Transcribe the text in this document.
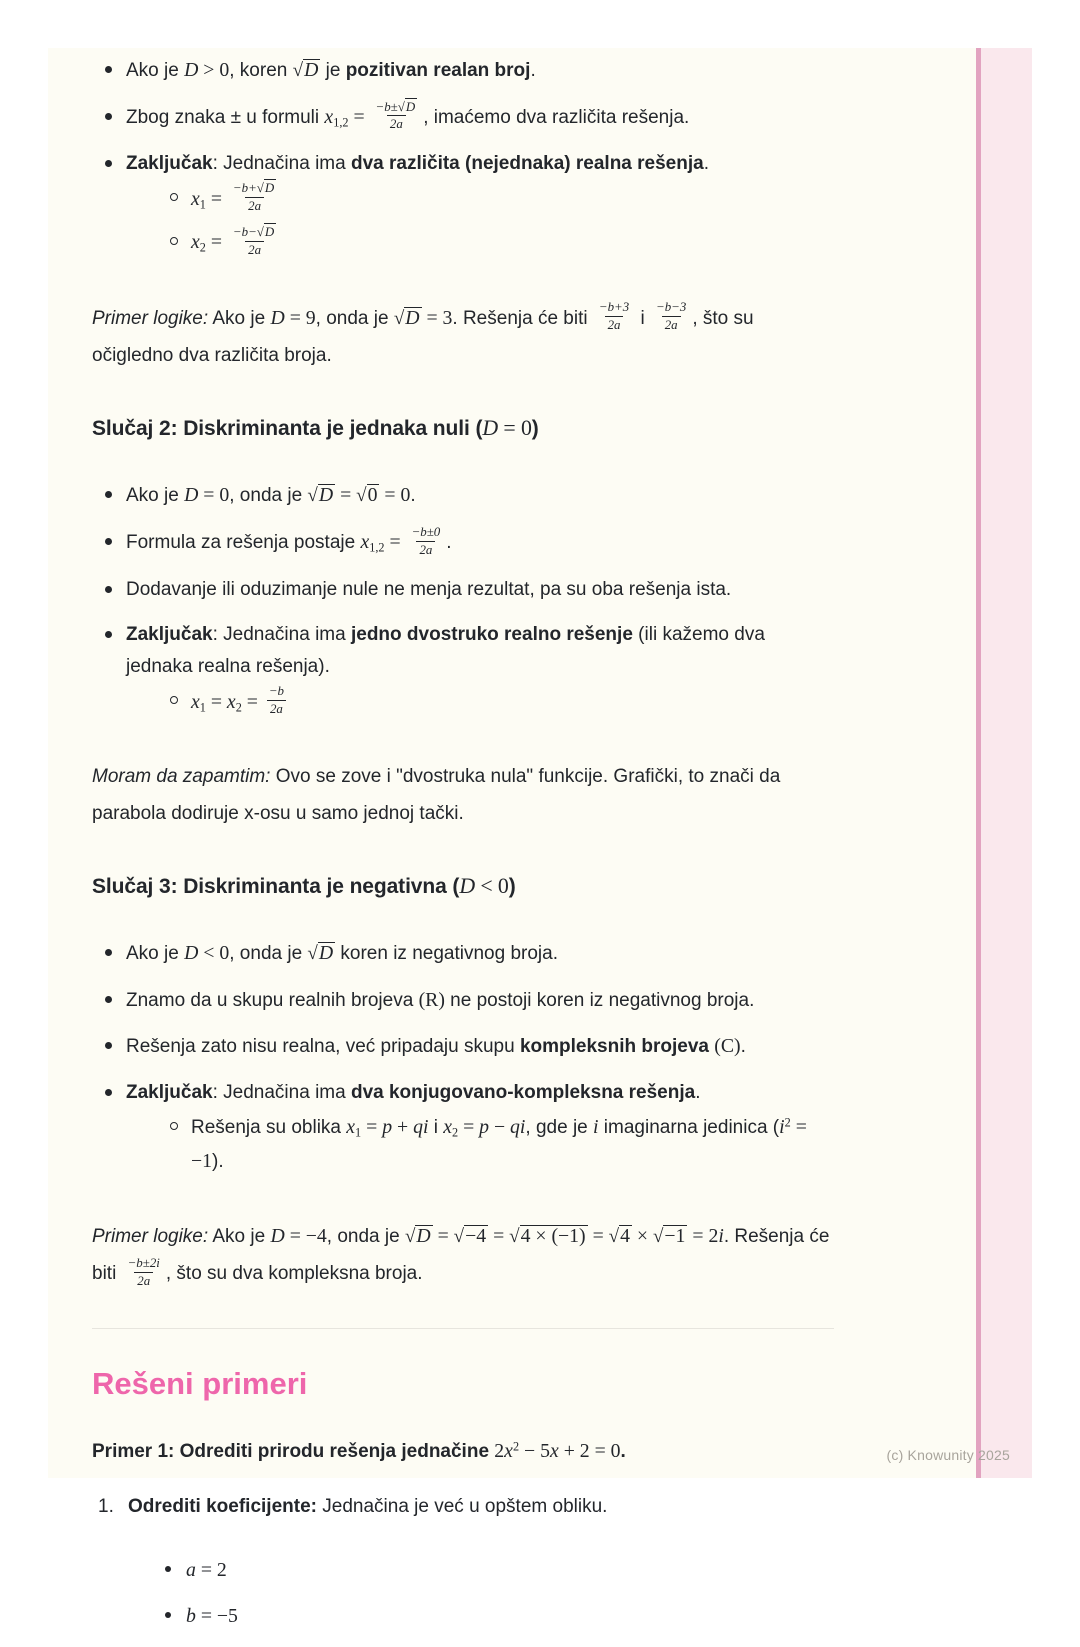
Ako je D > 0, koren √D je pozitivan realan broj.
Zbog znaka ± u formuli $x_{1,2} = \frac{-b\pm√D}{2a}$ , imaćemo dva različita rešenja.
Zaključak: Jednačina ima dva različita (nejednaka) realna rešenja.
$x_1 = \frac{-b+√D}{2a}$
$x_2 = \frac{-b-√D}{2a}$

Primer logike: Ako je D = 9, onda je √D = 3. Rešenja će biti $\frac{-b+3}{2a}$ i $\frac{-b-3}{2a}$ , što su očigledno dva različita broja.

Slučaj 2: Diskriminanta je jednaka nuli (D = 0)
Ako je D = 0, onda je √D = √0 = 0.
Formula za rešenja postaje $x_{1,2} = \frac{-b\pm 0}{2a}$ .
Dodavanje ili oduzimanje nule ne menja rezultat, pa su oba rešenja ista.
Zaključak: Jednačina ima jedno dvostruko realno rešenje (ili kažemo dva jednaka realna rešenja).
$x_1 = x_2 = \frac{-b}{2a}$

Moram da zapamtim: Ovo se zove i "dvostruka nula" funkcije. Grafički, to znači da parabola dodiruje x-osu u samo jednoj tački.

Slučaj 3: Diskriminanta je negativna (D < 0)
Ako je D < 0, onda je √D koren iz negativnog broja.
Znamo da u skupu realnih brojeva (R) ne postoji koren iz negativnog broja.
Rešenja zato nisu realna, već pripadaju skupu kompleksnih brojeva (C).
Zaključak: Jednačina ima dva konjugovano-kompleksna rešenja.
Rešenja su oblika $x_1 = p$ + qi i $x_2 = p$ − qi, gde je i imaginarna jedinica $(i^2 = -1)$.

Primer logike: Ako je D = −4, onda je √D = √−4 = √4 × (−1) = √4 × √−1 = 2i. Rešenja će biti $\frac{-b\pm 2i}{2a}$ , što su dva kompleksna broja.

Rešeni primeri

Primer 1: Odrediti prirodu rešenja jednačine $2x^2 - 5x + 2 = 0$.

1. Odrediti koeficijente: Jednačina je već u opštem obliku.
a = 2
b = −5
(c) Knowunity 2025
